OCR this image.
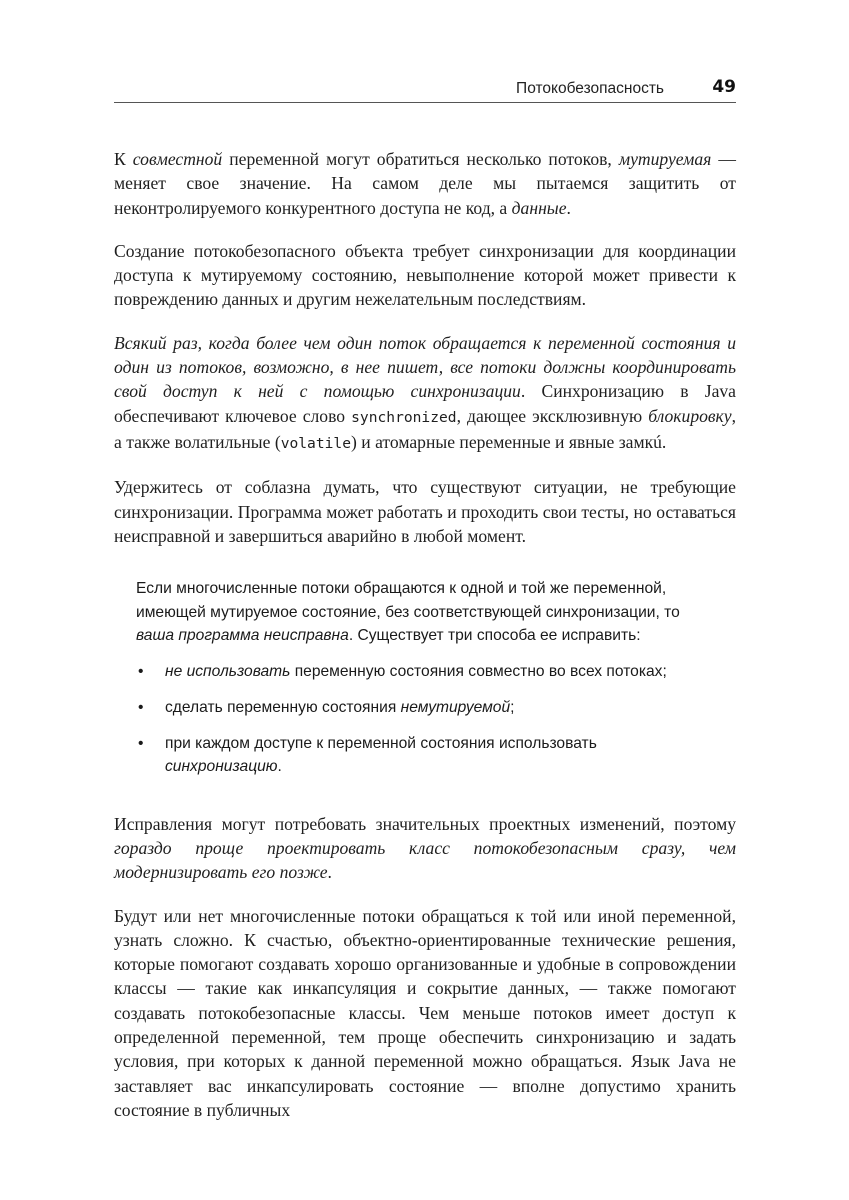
Потокобезопасность	49

К совместной переменной могут обратиться несколько потоков, мутируемая — меняет свое значение. На самом деле мы пытаемся защитить от неконтролируемого конкурентного доступа не код, а данные.

Создание потокобезопасного объекта требует синхронизации для координации доступа к мутируемому состоянию, невыполнение которой может привести к повреждению данных и другим нежелательным последствиям.

Всякий раз, когда более чем один поток обращается к переменной состояния и один из потоков, возможно, в нее пишет, все потоки должны координировать свой доступ к ней с помощью синхронизации. Синхронизацию в Java обеспечивают ключевое слово synchronized, дающее эксклюзивную блокировку, а также волатильные (volatile) и атомарные переменные и явные замкú.

Удержитесь от соблазна думать, что существуют ситуации, не требующие синхронизации. Программа может работать и проходить свои тесты, но оставаться неисправной и завершиться аварийно в любой момент.

Если многочисленные потоки обращаются к одной и той же переменной, имеющей мутируемое состояние, без соответствующей синхронизации, то ваша программа неисправна. Существует три способа ее исправить:

• не использовать переменную состояния совместно во всех потоках;
• сделать переменную состояния немутируемой;
• при каждом доступе к переменной состояния использовать синхронизацию.

Исправления могут потребовать значительных проектных изменений, поэтому гораздо проще проектировать класс потокобезопасным сразу, чем модернизировать его позже.

Будут или нет многочисленные потоки обращаться к той или иной переменной, узнать сложно. К счастью, объектно-ориентированные технические решения, которые помогают создавать хорошо организованные и удобные в сопровождении классы — такие как инкапсуляция и сокрытие данных, — также помогают создавать потокобезопасные классы. Чем меньше потоков имеет доступ к определенной переменной, тем проще обеспечить синхронизацию и задать условия, при которых к данной переменной можно обращаться. Язык Java не заставляет вас инкапсулировать состояние — вполне допустимо хранить состояние в публичных
